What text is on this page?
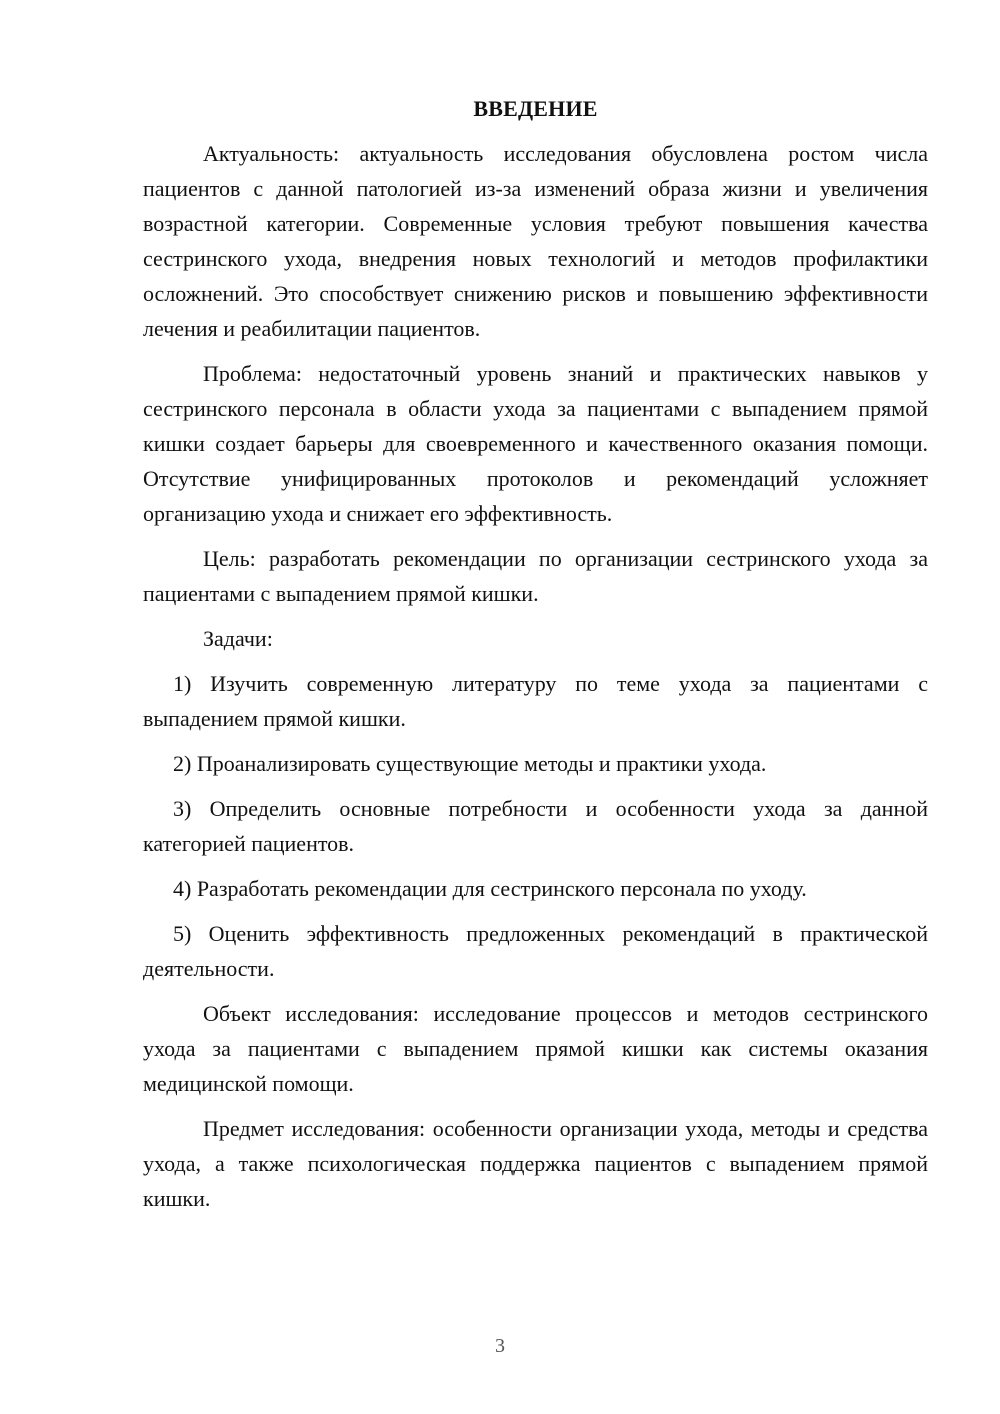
ВВЕДЕНИЕ

Актуальность: актуальность исследования обусловлена ростом числа пациентов с данной патологией из-за изменений образа жизни и увеличения возрастной категории. Современные условия требуют повышения качества сестринского ухода, внедрения новых технологий и методов профилактики осложнений. Это способствует снижению рисков и повышению эффективности лечения и реабилитации пациентов.

Проблема: недостаточный уровень знаний и практических навыков у сестринского персонала в области ухода за пациентами с выпадением прямой кишки создает барьеры для своевременного и качественного оказания помощи. Отсутствие унифицированных протоколов и рекомендаций усложняет организацию ухода и снижает его эффективность.

Цель: разработать рекомендации по организации сестринского ухода за пациентами с выпадением прямой кишки.

Задачи:

1) Изучить современную литературу по теме ухода за пациентами с выпадением прямой кишки.

2) Проанализировать существующие методы и практики ухода.

3) Определить основные потребности и особенности ухода за данной категорией пациентов.

4) Разработать рекомендации для сестринского персонала по уходу.

5) Оценить эффективность предложенных рекомендаций в практической деятельности.

Объект исследования: исследование процессов и методов сестринского ухода за пациентами с выпадением прямой кишки как системы оказания медицинской помощи.

Предмет исследования: особенности организации ухода, методы и средства ухода, а также психологическая поддержка пациентов с выпадением прямой кишки.

3
